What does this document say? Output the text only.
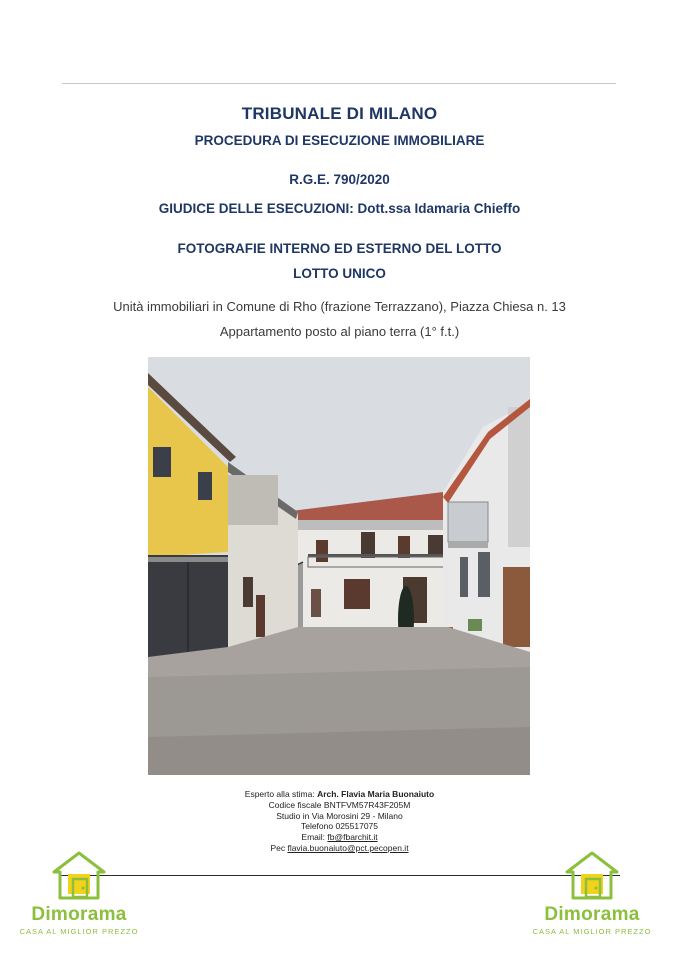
TRIBUNALE DI MILANO
PROCEDURA DI ESECUZIONE IMMOBILIARE
R.G.E. 790/2020
GIUDICE DELLE ESECUZIONI: Dott.ssa Idamaria Chieffo
FOTOGRAFIE INTERNO ED ESTERNO DEL LOTTO
LOTTO UNICO
Unità immobiliari in Comune di Rho (frazione Terrazzano), Piazza Chiesa n. 13
Appartamento posto al piano terra (1° f.t.)
Esperto alla stima: Arch. Flavia Maria Buonaiuto
Codice fiscale BNTFVM57R43F205M
Studio in Via Morosini 29 - Milano
Telefono 025517075
Email: fb@fbarchit.it
Pec flavia.buonaiuto@pct.pecopen.it
Dimorama
CASA AL MIGLIOR PREZZO
Dimorama
CASA AL MIGLIOR PREZZO
